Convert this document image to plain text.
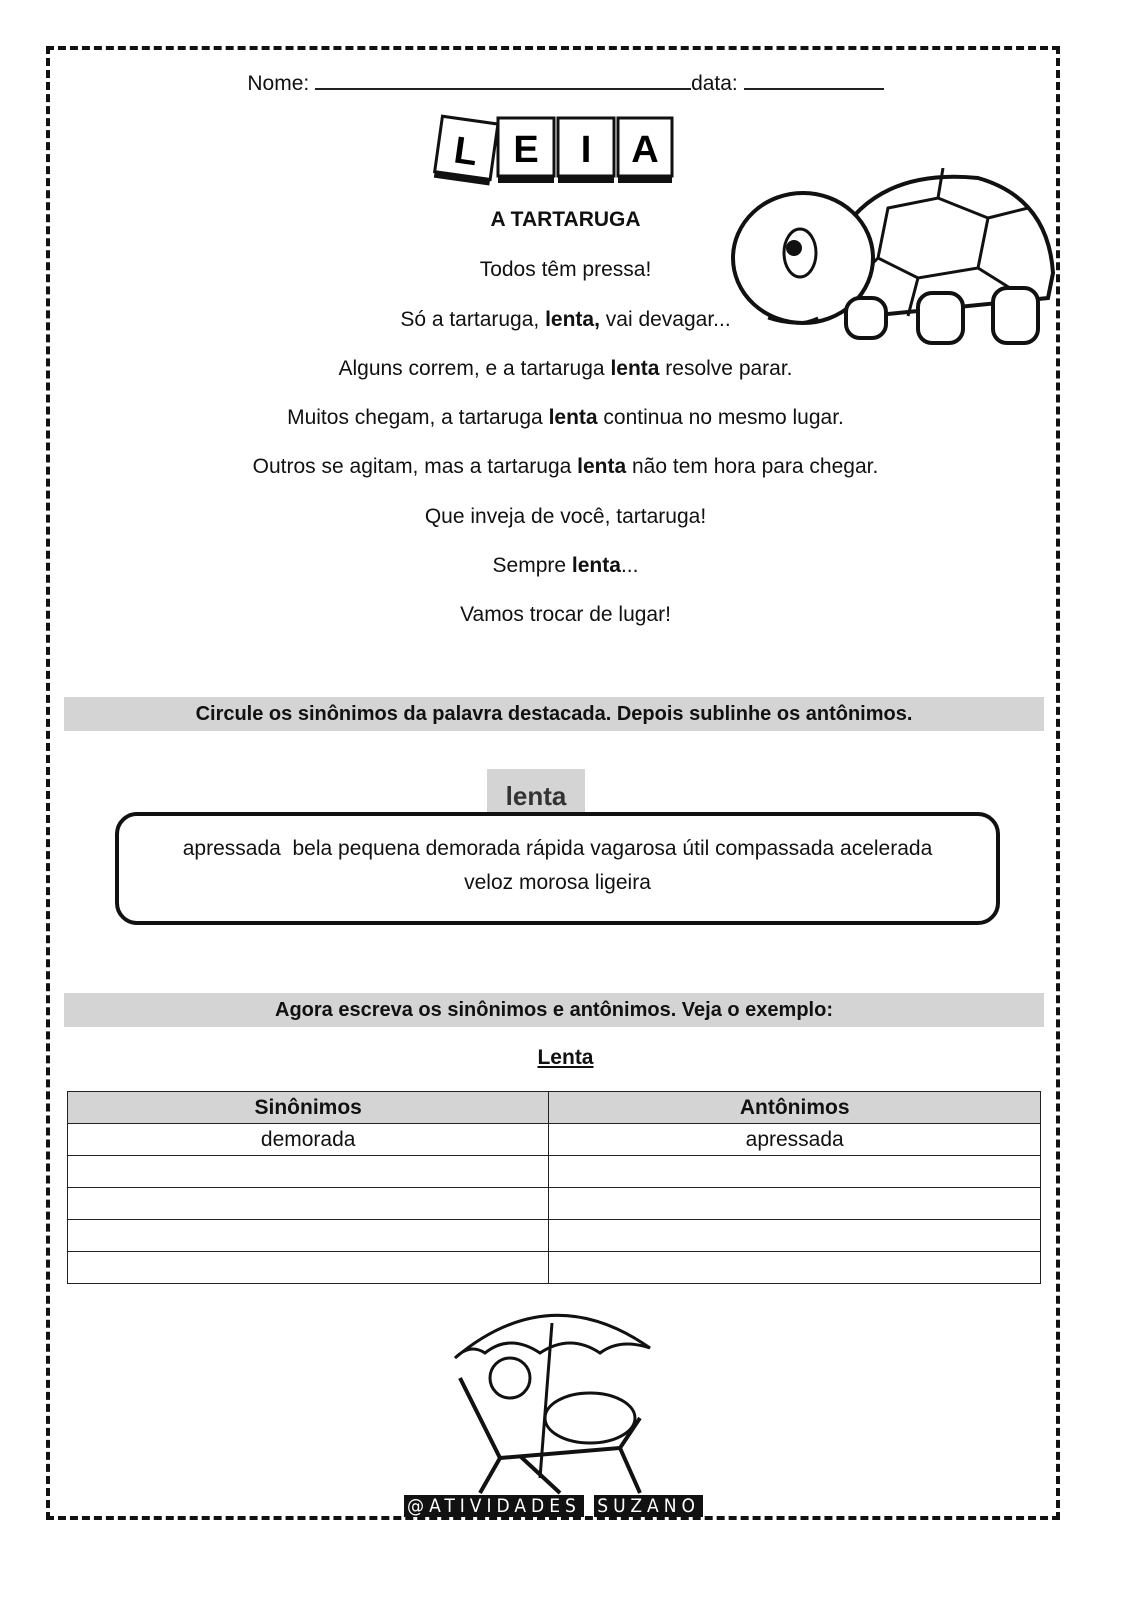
Nome:	data:
L E I A
A TARTARUGA
Todos têm pressa!
Só a tartaruga, lenta, vai devagar...
Alguns correm, e a tartaruga lenta resolve parar.
Muitos chegam, a tartaruga lenta continua no mesmo lugar.
Outros se agitam, mas a tartaruga lenta não tem hora para chegar.
Que inveja de você, tartaruga!
Sempre lenta...
Vamos trocar de lugar!
Circule os sinônimos da palavra destacada. Depois sublinhe os antônimos.
lenta
apressada  bela pequena demorada rápida vagarosa útil compassada acelerada
veloz morosa ligeira
Agora escreva os sinônimos e antônimos. Veja o exemplo:
Lenta
Sinônimos	Antônimos
demorada	apressada

@ATIVIDADES SUZANO
